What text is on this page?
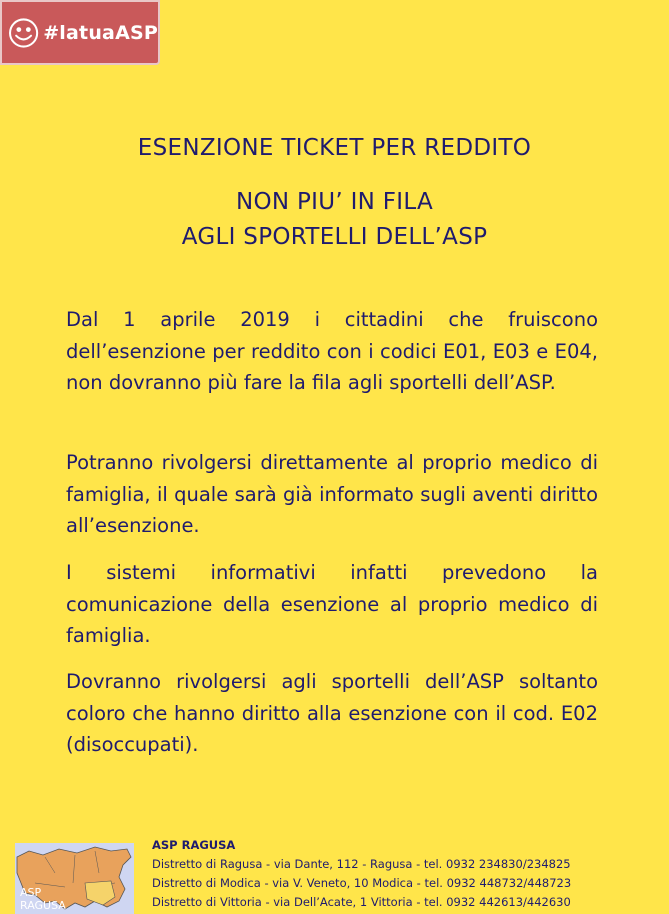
#latuaASP
ESENZIONE TICKET PER REDDITO
NON PIU’ IN FILA
AGLI SPORTELLI DELL’ASP
Dal 1 aprile 2019 i cittadini che fruiscono dell’esenzione per reddito con i codici E01, E03 e E04, non dovranno più fare la fila agli sportelli dell’ASP.
Potranno rivolgersi direttamente al proprio medico di famiglia, il quale sarà già informato sugli aventi diritto all’esenzione.
I sistemi informativi infatti prevedono la comunicazione della esenzione al proprio medico di famiglia.
Dovranno rivolgersi agli sportelli dell’ASP soltanto coloro che hanno diritto alla esenzione con il cod. E02 (disoccupati).
ASP
RAGUSA
ASP RAGUSA
Distretto di Ragusa - via Dante, 112 - Ragusa - tel. 0932 234830/234825
Distretto di Modica - via V. Veneto, 10 Modica - tel. 0932 448732/448723
Distretto di Vittoria - via Dell’Acate, 1 Vittoria - tel. 0932 442613/442630
